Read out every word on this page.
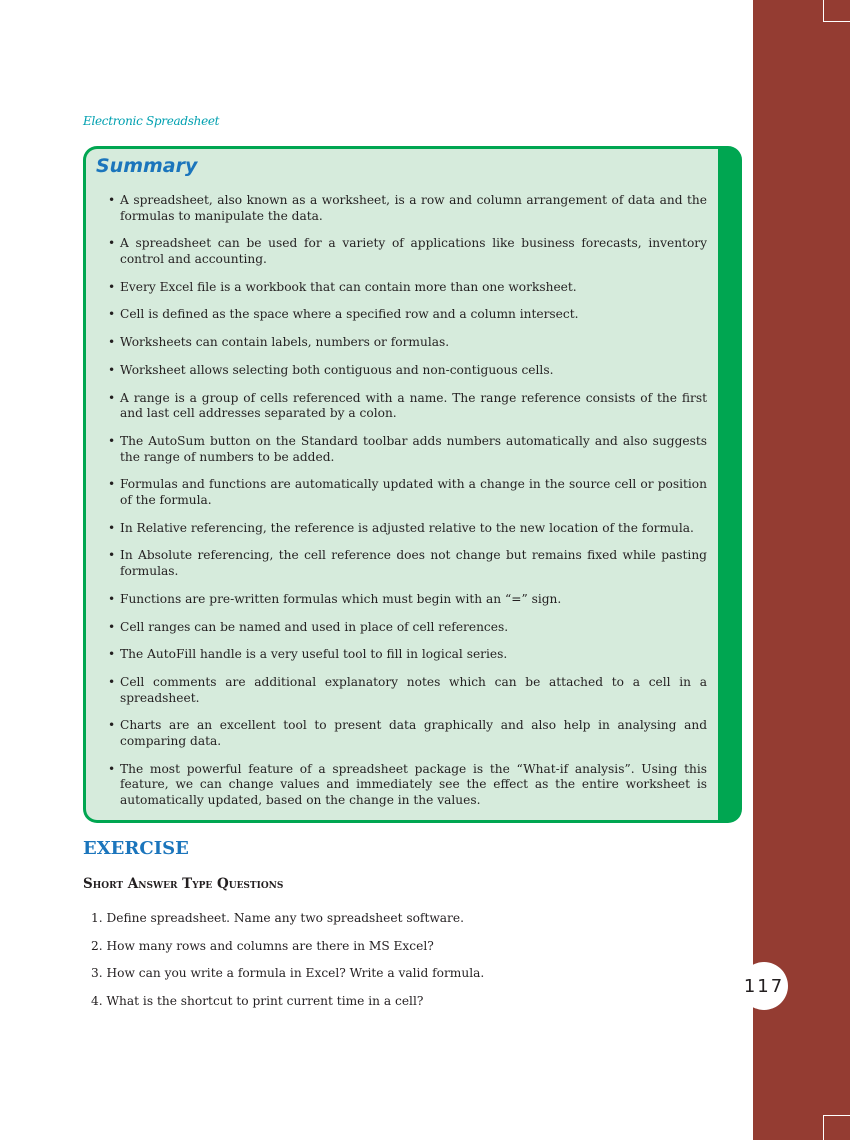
117
Electronic Spreadsheet
Summary
• A spreadsheet, also known as a worksheet, is a row and column arrangement of data and the formulas to manipulate the data.
• A spreadsheet can be used for a variety of applications like business forecasts, inventory control and accounting.
• Every Excel file is a workbook that can contain more than one worksheet.
• Cell is defined as the space where a specified row and a column intersect.
• Worksheets can contain labels, numbers or formulas.
• Worksheet allows selecting both contiguous and non-contiguous cells.
• A range is a group of cells referenced with a name. The range reference consists of the first and last cell addresses separated by a colon.
• The AutoSum button on the Standard toolbar adds numbers automatically and also suggests the range of numbers to be added.
• Formulas and functions are automatically updated with a change in the source cell or position of the formula.
• In Relative referencing, the reference is adjusted relative to the new location of the formula.
• In Absolute referencing, the cell reference does not change but remains fixed while pasting formulas.
• Functions are pre-written formulas which must begin with an “=” sign.
• Cell ranges can be named and used in place of cell references.
• The AutoFill handle is a very useful tool to fill in logical series.
• Cell comments are additional explanatory notes which can be attached to a cell in a spreadsheet.
• Charts are an excellent tool to present data graphically and also help in analysing and comparing data.
• The most powerful feature of a spreadsheet package is the “What-if analysis”. Using this feature, we can change values and immediately see the effect as the entire worksheet is automatically updated, based on the change in the values.
EXERCISE
Short Answer Type Questions
1. Define spreadsheet. Name any two spreadsheet software.
2. How many rows and columns are there in MS Excel?
3. How can you write a formula in Excel? Write a valid formula.
4. What is the shortcut to print current time in a cell?
